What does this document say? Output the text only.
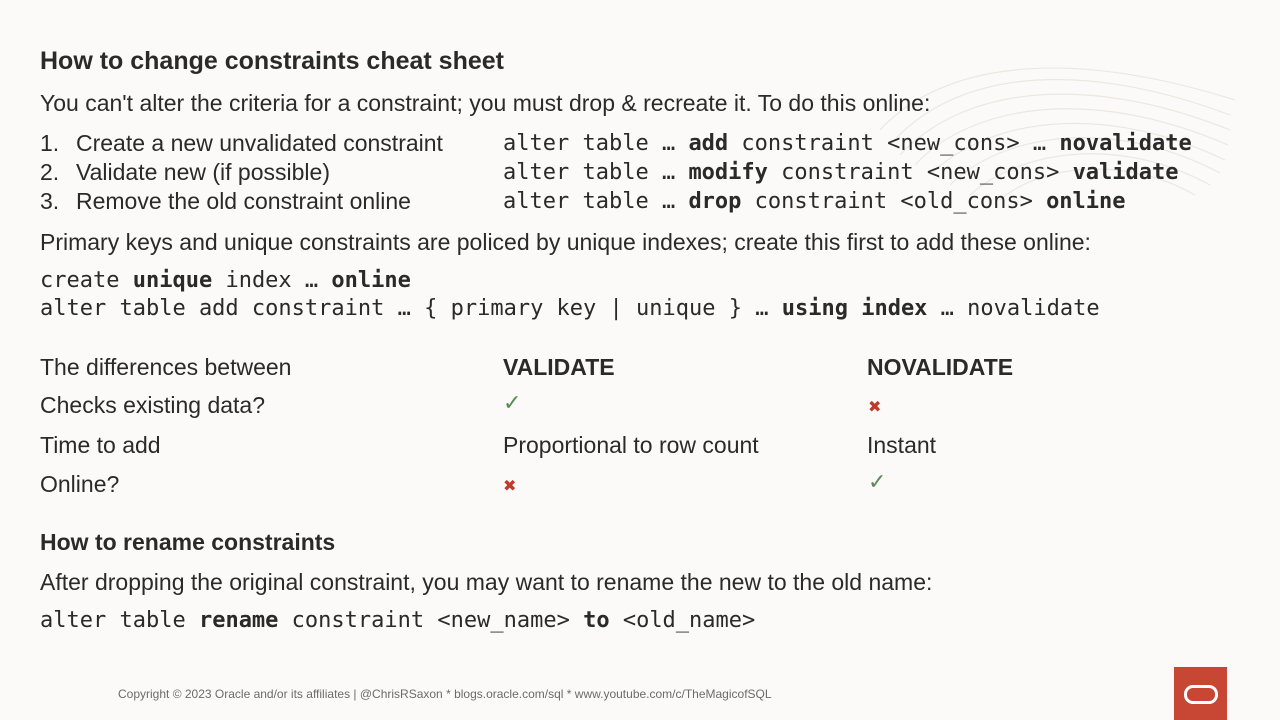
How to change constraints cheat sheet
You can't alter the criteria for a constraint; you must drop & recreate it. To do this online:
1. Create a new unvalidated constraint	alter table … add constraint <new_cons> … novalidate
2. Validate new (if possible)	alter table … modify constraint <new_cons> validate
3. Remove the old constraint online	alter table … drop constraint <old_cons> online
Primary keys and unique constraints are policed by unique indexes; create this first to add these online:
create unique index … online
alter table add constraint … { primary key | unique } … using index … novalidate
The differences between	VALIDATE	NOVALIDATE
Checks existing data?	✓	✖
Time to add	Proportional to row count	Instant
Online?	✖	✓
How to rename constraints
After dropping the original constraint, you may want to rename the new to the old name:
alter table rename constraint <new_name> to <old_name>
Copyright © 2023 Oracle and/or its affiliates | @ChrisRSaxon * blogs.oracle.com/sql * www.youtube.com/c/TheMagicofSQL
